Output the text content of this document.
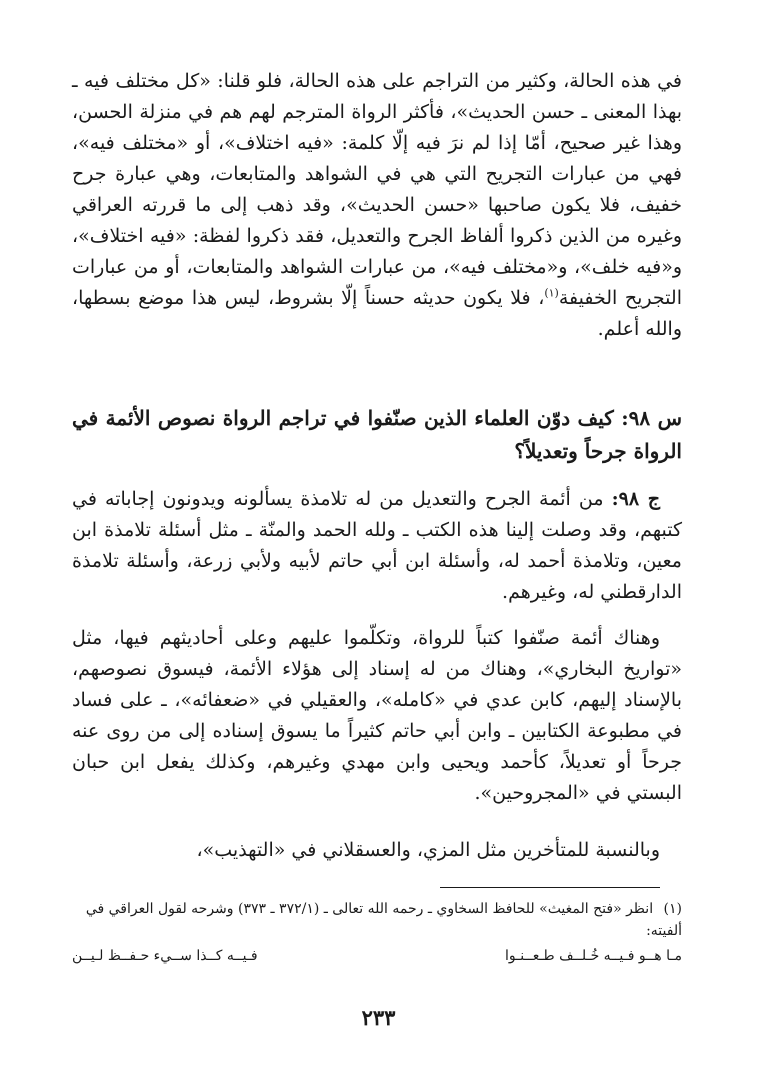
في هذه الحالة، وكثير من التراجم على هذه الحالة، فلو قلنا: «كل مختلف فيه ـ بهذا المعنى ـ حسن الحديث»، فأكثر الرواة المترجم لهم هم في منزلة الحسن، وهذا غير صحيح، أمّا إذا لم نرَ فيه إلّا كلمة: «فيه اختلاف»، أو «مختلف فيه»، فهي من عبارات التجريح التي هي في الشواهد والمتابعات، وهي عبارة جرح خفيف، فلا يكون صاحبها «حسن الحديث»، وقد ذهب إلى ما قررته العراقي وغيره من الذين ذكروا ألفاظ الجرح والتعديل، فقد ذكروا لفظة: «فيه اختلاف»، و«فيه خلف»، و«مختلف فيه»، من عبارات الشواهد والمتابعات، أو من عبارات التجريح الخفيفة$^{(١)}$، فلا يكون حديثه حسناً إلّا بشروط، ليس هذا موضع بسطها، والله أعلم.

س ٩٨: كيف دوّن العلماء الذين صنّفوا في تراجم الرواة نصوص الأئمة في الرواة جرحاً وتعديلاً؟

ج ٩٨: من أئمة الجرح والتعديل من له تلامذة يسألونه ويدونون إجاباته في كتبهم، وقد وصلت إلينا هذه الكتب ـ ولله الحمد والمنّة ـ مثل أسئلة تلامذة ابن معين، وتلامذة أحمد له، وأسئلة ابن أبي حاتم لأبيه ولأبي زرعة، وأسئلة تلامذة الدارقطني له، وغيرهم.

وهناك أئمة صنّفوا كتباً للرواة، وتكلّموا عليهم وعلى أحاديثهم فيها، مثل «تواريخ البخاري»، وهناك من له إسناد إلى هؤلاء الأئمة، فيسوق نصوصهم، بالإسناد إليهم، كابن عدي في «كامله»، والعقيلي في «ضعفائه»، ـ على فساد في مطبوعة الكتابين ـ وابن أبي حاتم كثيراً ما يسوق إسناده إلى من روى عنه جرحاً أو تعديلاً، كأحمد ويحيى وابن مهدي وغيرهم، وكذلك يفعل ابن حبان البستي في «المجروحين».

وبالنسبة للمتأخرين مثل المزي، والعسقلاني في «التهذيب»،

(١) انظر «فتح المغيث» للحافظ السخاوي ـ رحمه الله تعالى ـ (٣٧٢/١ ـ ٣٧٣) وشرحه لقول العراقي في ألفيته:

مـا هــو فـيــه خُـلــف طـعــنـوا
فـيــه كــذا ســيء حـفــظ لـيــن

٢٣٣
